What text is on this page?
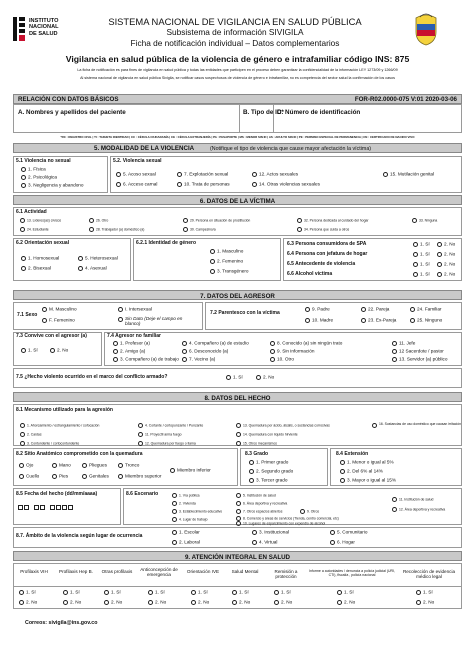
INSTITUTO NACIONAL DE SALUD
SISTEMA NACIONAL DE VIGILANCIA EN SALUD PÚBLICA
Subsistema de información SIVIGILA
Ficha de notificación individual – Datos complementarios
Vigilancia en salud pública de la violencia de género e intrafamiliar código INS: 875
La ficha de notificación es para fines de vigilancia en salud pública y todas las entidades que participen en el proceso deben garantizar la confidencialidad de la información LEY 1273/09 y 1266/09
Al sistema nacional de vigilancia en salud pública Sivigila, se notificar casos sospechosos de violencia de género e intrafamiliar, no es competencia del sector salud la confirmación de los casos
RELACIÓN CON DATOS BÁSICOS	FOR-R02.0000-075 V:01 2020-03-06
A. Nombres y apellidos del paciente	B. Tipo de ID*
C. Número de identificación
*RC : REGISTRO CIVIL | TI : TARJETA IDENTIDAD | CC : CÉDULA CIUDADANÍA | CE : CÉDULA EXTRANJERÍA | PA : PASAPORTE | MS : MENOR SIN ID | AS : ADULTO SIN ID | PE : PERMISO ESPECIAL DE PERMANENCIA | CN : CERTIFICADO DE NACIDO VIVO
5. MODALIDAD DE LA VIOLENCIA	(Notifique el tipo de violencia que cause mayor afectación la víctima)
5.1 Violencia no sexual
1. Física
2. Psicológica
3. Negligencia y abandono
5.2. Violencia sexual
5. Acoso sexual
6. Acceso carnal
7. Explotación sexual
10. Trata de personas
12. Actos sexuales
14. Otras violencias sexuales
15. Mutilación genital
6. DATOS DE LA VÍCTIMA
6.1 Actividad
13. Líderes(as) cívicos
24. Estudiante
26. Otro
28. Trabajador (a) doméstico (a)
29. Persona en situación de prostitución
30. Campesino/a
32. Persona dedicada al cuidado del hogar
34. Persona que cuida a otros
33. Ninguna
6.2 Orientación sexual
1. Homosexual
2. Bisexual
5. Heterosexual
4. Asexual
6.2.1 Identidad de género
1. Masculino
2. Femenino
3. Transgénero
6.3 Persona consumidora de SPA
6.4 Persona con jefatura de hogar
6.5 Antecedente de violencia
6.6 Alcohol víctima
1. Sí	2. No
1. Sí	2. No
1. Sí	2. No
1. Sí	2. No
7. DATOS DEL AGRESOR
7.1 Sexo
M. Masculino
F. Femenino
I. Intersexual
Sin Dato (Deje el campo en blanco)
7.2 Parentesco con la víctima
9. Padre
10. Madre
22. Pareja
23. Ex-Pareja
24. Familiar
25. Ninguno
7.3 Convive con el agresor (a)
1. Sí	2. No
7.4 Agresor no familiar
1. Profesor (a)
2. Amigo (a)
3. Compañero (a) de trabajo
4. Compañero (a) de estudio
6. Desconocido (a)
7. Vecino (a)
8. Conocido (a) sin ningún trato
9. Sin información
10. Otro
11. Jefe
12 Sacerdote / pastor
13. Servidor (a) público
7.5 ¿Hecho violento ocurrido en el marco del conflicto armado?	1. Sí	2. No
8. DATOS DEL HECHO
8.1 Mecanismo utilizado para la agresión
1. Ahorcamiento / estrangulamiento / sofocación
2. Caídas
3. Contundente / cortocontundente
4. Cortante / cortopunzante / Punzante
11. Proyectil arma fuego
12. Quemadura por fuego o llama
13. Quemadura por ácido, álcalis, o sustancias corrosivas
14. Quemadura con líquido hirviente
15. Otros mecanismos
16. Sustancias de uso doméstico que causan irritación
8.2 Sitio Anatómico comprometido con la quemadura
Ojo
Cuello
Mano
Pies
Pliegues
Genitales
Tronco
Miembro superior
Miembro inferior
8.3 Grado
1. Primer grado
2. Segundo grado
3. Tercer grado
8.4 Extensión
1. Menor o igual al 5%
2. Del 6% al 14%
3. Mayor o igual al 15%
8.5 Fecha del hecho (dd/mm/aaaa)	8.6 Escenario	1. Vía pública
2. Vivienda
3. Establecimiento educativo
4. Lugar de trabajo
5. Institución de salud
6. Área deportiva y recreativa
7. Otros espacios abiertos
8. Comercio y áreas de servicios (Tienda, centro comercial, etc)
9. Otros
10. Lugares de esparcimiento con expendio de alcohol
11. Institución de salud
12. Área deportiva y recreativa
8.7. Ámbito de la violencia según lugar de ocurrencia
1. Escolar
2. Laboral
3. Institucional
4. Virtual
5. Comunitario
6. Hogar
9. ATENCIÓN INTEGRAL EN SALUD
Profilaxis VIH	Profilaxis Hep B.	Otras profilaxis	Anticoncepción de emergencia
Orientación IVE	Salud Mental	Remisión a protección
Informe a autoridades / denuncia a policía judicial (URI, CTI), fiscalía , policía nacional
Recolección de evidencia médico legal
1. Sí
2. No
1. Sí
2. No
1. Sí
2. No
1. Sí
2. No
1. Sí
2. No
1. Sí
2. No
1. Sí
2. No
1. Sí
2. No
1. Sí
2. No
Correos: sivigila@ins.gov.co
